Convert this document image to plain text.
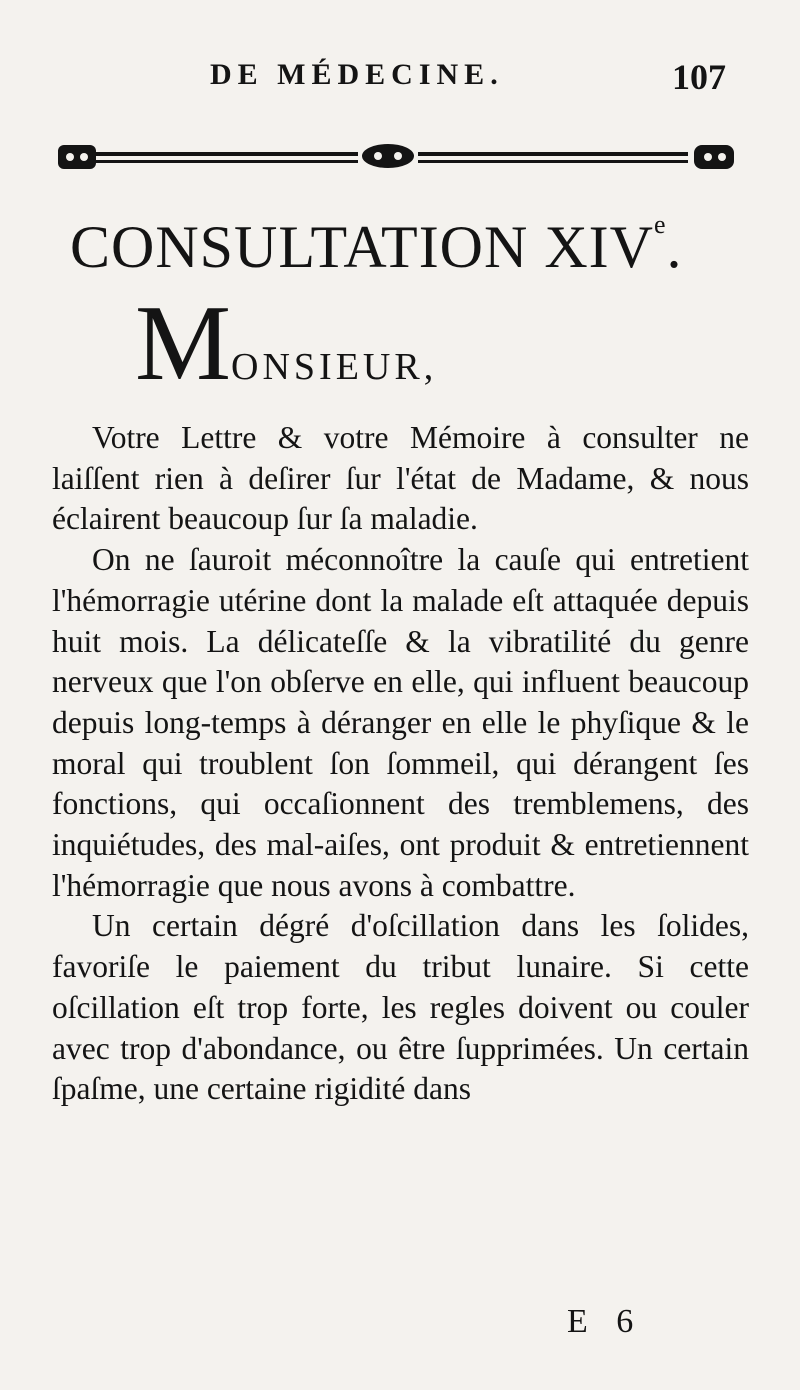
DE MÉDECINE.	107
CONSULTATION XIVe.
MONSIEUR,

Votre Lettre & votre Mémoire à consulter ne laiſſent rien à deſirer ſur l'état de Madame, & nous éclairent beaucoup ſur ſa maladie.

On ne ſauroit méconnoître la cauſe qui entretient l'hémorragie utérine dont la malade eſt attaquée depuis huit mois. La délicateſſe & la vibratilité du genre nerveux que l'on obſerve en elle, qui influent beaucoup depuis long-temps à déranger en elle le phyſique & le moral qui troublent ſon ſommeil, qui dérangent ſes fonctions, qui occaſionnent des tremblemens, des inquiétudes, des mal-aiſes, ont produit & entretiennent l'hémorragie que nous avons à combattre.

Un certain dégré d'oſcillation dans les ſolides, favoriſe le paiement du tribut lunaire. Si cette oſcillation eſt trop forte, les regles doivent ou couler avec trop d'abondance, ou être ſupprimées. Un certain ſpaſme, une certaine rigidité dans

E 6
